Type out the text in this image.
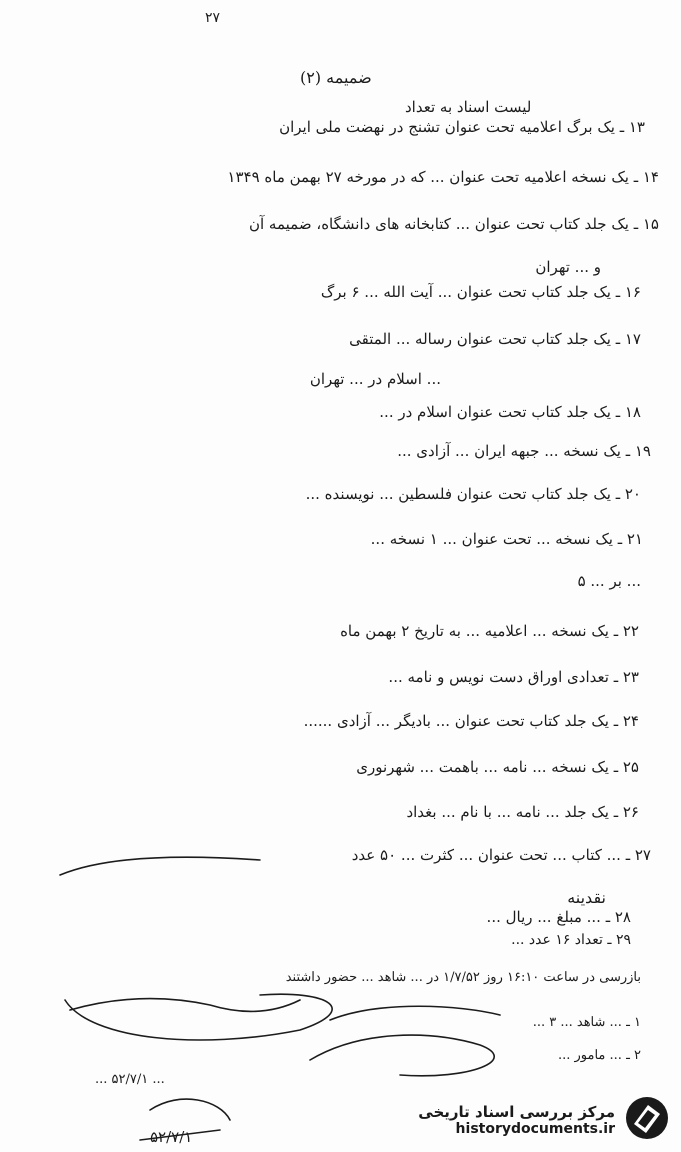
٢٧
ضمیمه (۲)
ليست اسناد به تعداد
۱۳ ـ یک برگ اعلامیه تحت عنوان تشنج در نهضت ملی ایران
۱۴ ـ یک نسخه اعلامیه تحت عنوان ... که در مورخه ۲۷ بهمن ماه ۱۳۴۹
۱۵ ـ یک جلد کتاب تحت عنوان ... کتابخانه های دانشگاه، ضمیمه آن
و ... تهران
۱۶ ـ یک جلد کتاب تحت عنوان ... آیت الله ... ۶ برگ
۱۷ ـ یک جلد کتاب تحت عنوان رساله ... المتقی
... اسلام در ... تهران
۱۸ ـ یک جلد کتاب تحت عنوان اسلام در ...
۱۹ ـ یک نسخه ... جبهه ایران ... آزادی ...
۲۰ ـ یک جلد کتاب تحت عنوان فلسطین ... نویسنده ...
۲۱ ـ یک نسخه ... تحت عنوان ... ۱ نسخه ...
... بر ... ۵
۲۲ ـ یک نسخه ... اعلامیه ... به تاریخ ۲ بهمن ماه
۲۳ ـ تعدادی اوراق دست نویس و نامه ...
۲۴ ـ یک جلد کتاب تحت عنوان ... بادیگر ... آزادی ......
۲۵ ـ یک نسخه ... نامه ... باهمت ... شهرنوری
۲۶ ـ یک جلد ... نامه ... با نام ... بغداد
۲۷ ـ ... کتاب ... تحت عنوان ... کثرت ... ۵۰ عدد
نقدینه
۲۸ ـ ... مبلغ ... ريال ...
۲۹ ـ تعداد ۱۶ عدد ...
بازرسی در ساعت ۱۶:۱۰ روز ۱/۷/۵۲ در ... شاهد ... حضور داشتند
۱ ـ ... شاهد ... ۳ ...
۲ ـ ... مامور ...
... ۵۲/۷/۱ ...
۵۲/۷/۱
مرکز بررسی اسناد تاریخی
historydocuments.ir
